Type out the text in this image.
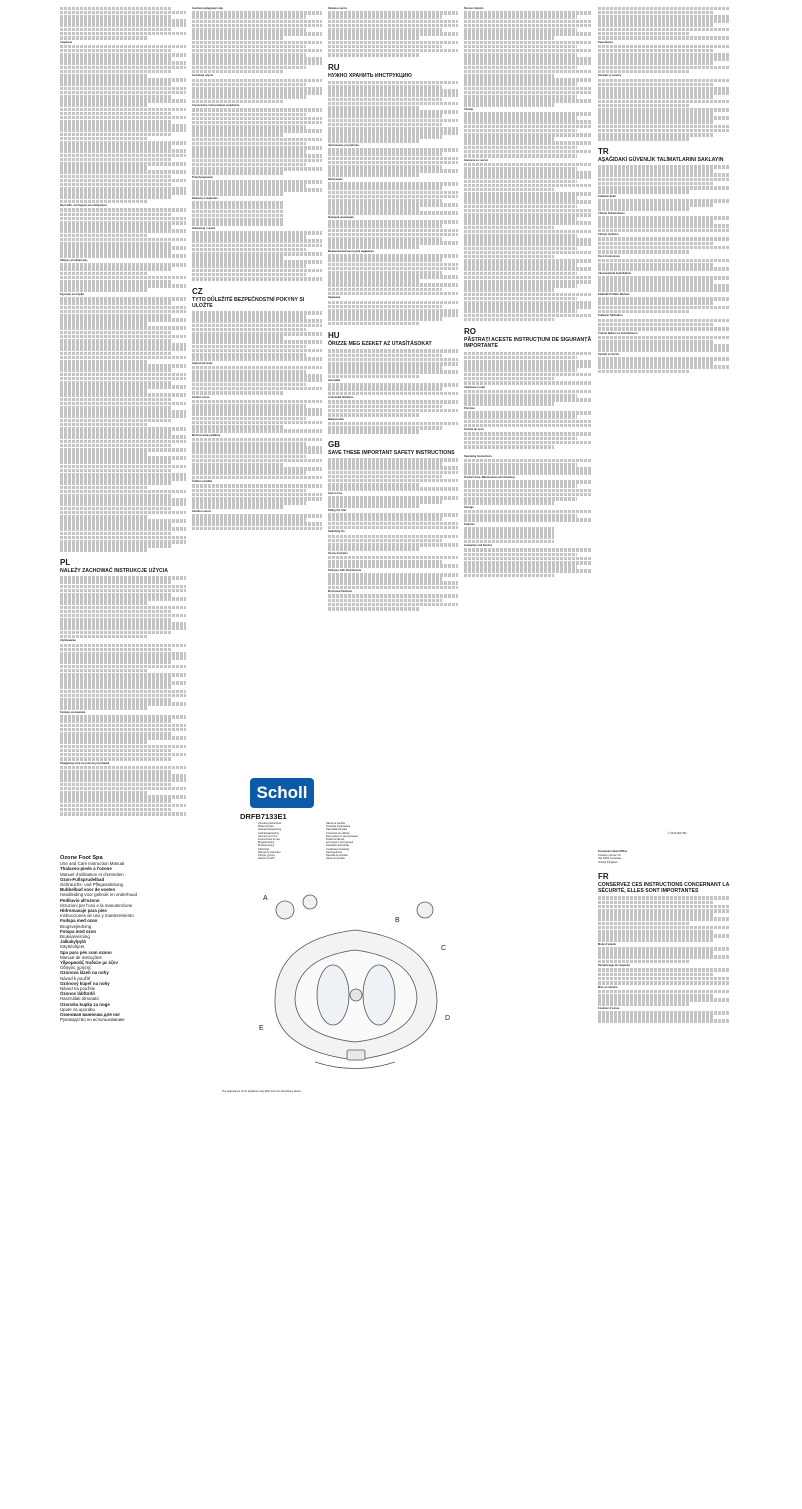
Ασφάλεια
Φροντίδα, συντήρηση και καθαρισμός
Οδηγίες αποθήκευσης
Εγγύηση και σέρβις
PL
NALEŻY ZACHOWAĆ INSTRUKCJE UŻYCIA
Użytkowanie
Funkcje ozonowania
Pielęgnacja stóp za pomocą przystawek
Centrum pielęgnacji stóp
Instrukcja użycia
Czyszczenie i konserwacja urządzenia
Przechowywanie
Elementy urządzenia
Gwarancja i serwis
CZ
TYTO DŮLEŽITÉ BEZPEČNOSTNÍ POKYNY SI ULOŽTE
Zapnutí přístroje
Funkce ozonu
Motorizované pedikúry
Čištění a údržba
Záruka a servis
Záruka a servis
RU
НУЖНО ХРАНИТЬ ИНСТРУКЦИЮ
Заполнение устройства
Включение
Функция ионизации
Механический центр для педикюра
Хранение
HU
ŐRIZZE MEG EZEKET AZ UTASÍTÁSOKAT
Használat
A készülék feltöltése
Bekapcsolás
GB
SAVE THESE IMPORTANT SAFETY INSTRUCTIONS
How to Use
Filling the Unit
Switching On
Ozone Function
Pedicure with Attachments
Motorised Pedicure
Ózonos funkció
Tárolás
Garancia és szerviz
RO
PĂSTRAȚI ACESTE INSTRUCȚIUNI DE SIGURANȚĂ IMPORTANTE
Umplerea cu apă
Pornirea
Funcția de ozon
Operating Instructions
Product Care, Maintenance and Cleaning
Storage
Features
Guarantee and Service
Depozitarea
Garanție și service
TR
AŞAĞIDAKİ GÜVENLİK TALİMATLARINI SAKLAYIN
Kullanım Şekli
Cihazın Doldurulması
Cihazın Açılması
Ozon Fonksiyonu
Aksesuarlarla Ayak Bakımı
Elektrikli Pedikür Merkezi
Kullanım Talimatları
Ürünün Bakımı ve Temizlenmesi
Garanti ve Servis
© 2012 (EW 4fb)
European Head Office
Chester House 10
OH 1904 Leicester
United Kingdom
FR
CONSERVEZ CES INSTRUCTIONS CONCERNANT LA SÉCURITÉ, ELLES SONT IMPORTANTES
Mode d'emploi
Remplissage de l'appareil
Mise en marche
Fonction d'ozone
Scholl
DRFB7133E1
Operating Instructions
Mode d'emploi
Gebrauchsanweisung
Gebruiksaanwijzing
Istruzioni per l'uso
Instrucciones de uso
Brugsanvisning
Bruksanvisning
Käyttöohje
Manual de instruções
Οδηγίες χρήσης
Návod k použití
Návod na použitie
Instrukcja użytkowania
Használati útmutató
Instrucțiuni de utilizare
Инструкция по эксплуатации
Kullanma talimatı
Інструкція з експлуатації
Naudojimo instrukcija
Lietošanas instrukcija
Kasutusjuhend
Navodila za uporabo
Upute za uporabu
Ozone Foot Spa
Use and Care Instruction Manual
Thalasso-pieds à l'ozone
Manuel d'utilisation et d'entretien
Ozon-Fußsprudelbad
Gebrauchs- und Pflegeanleitung
Bubbelbad voor de voeten
Handleiding voor gebruik en onderhoud
Pediluvio all'ozono
Istruzioni per l'uso e la manutenzione
Hidromasaje para pies
Instrucciones de uso y mantenimiento
Fodspa med ozon
Brugsvejledning
Fotspa med ozon
Bruksanvisning
Jalkakylpylä
Käyttöohjeet
Spa para pés com ozono
Manual de instruções
Υδρομασάζ ποδιών με όζον
Οδηγίες χρήσης
Ozonová lázeň na nohy
Návod k použití
Ozónový kúpeľ na nohy
Návod na použitie
Ózonos lábfürdő
Használati útmutató
Ozonska kupka za noge
Upute za uporabu
Озоновая ванночка для ног
Руководство по использованию
A
B
C
D
E
The appearance of the appliance may differ from the illustrations above.
